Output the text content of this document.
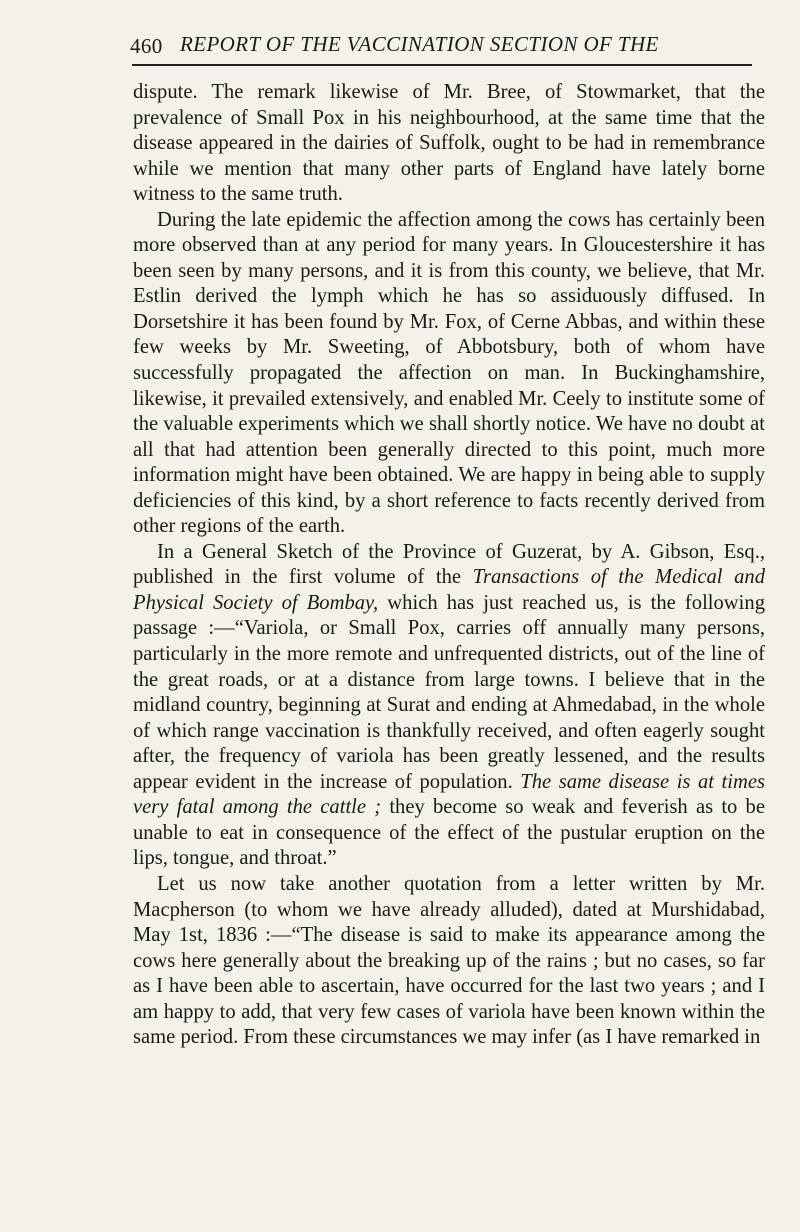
460 REPORT OF THE VACCINATION SECTION OF THE

dispute. The remark likewise of Mr. Bree, of Stowmarket, that the prevalence of Small Pox in his neighbourhood, at the same time that the disease appeared in the dairies of Suffolk, ought to be had in remembrance while we mention that many other parts of England have lately borne witness to the same truth.

During the late epidemic the affection among the cows has certainly been more observed than at any period for many years. In Gloucestershire it has been seen by many persons, and it is from this county, we believe, that Mr. Estlin derived the lymph which he has so assiduously diffused. In Dorsetshire it has been found by Mr. Fox, of Cerne Abbas, and within these few weeks by Mr. Sweeting, of Abbotsbury, both of whom have successfully propagated the affection on man. In Buckinghamshire, likewise, it prevailed extensively, and enabled Mr. Ceely to institute some of the valuable experiments which we shall shortly notice. We have no doubt at all that had attention been generally directed to this point, much more information might have been obtained. We are happy in being able to supply deficiencies of this kind, by a short reference to facts recently derived from other regions of the earth.

In a General Sketch of the Province of Guzerat, by A. Gibson, Esq., published in the first volume of the Transactions of the Medical and Physical Society of Bombay, which has just reached us, is the following passage :—“Variola, or Small Pox, carries off annually many persons, particularly in the more remote and unfrequented districts, out of the line of the great roads, or at a distance from large towns. I believe that in the midland country, beginning at Surat and ending at Ahmedabad, in the whole of which range vaccination is thankfully received, and often eagerly sought after, the frequency of variola has been greatly lessened, and the results appear evident in the increase of population. The same disease is at times very fatal among the cattle ; they become so weak and feverish as to be unable to eat in consequence of the effect of the pustular eruption on the lips, tongue, and throat.”

Let us now take another quotation from a letter written by Mr. Macpherson (to whom we have already alluded), dated at Murshidabad, May 1st, 1836 :—“The disease is said to make its appearance among the cows here generally about the breaking up of the rains ; but no cases, so far as I have been able to ascertain, have occurred for the last two years ; and I am happy to add, that very few cases of variola have been known within the same period. From these circumstances we may infer (as I have remarked in
